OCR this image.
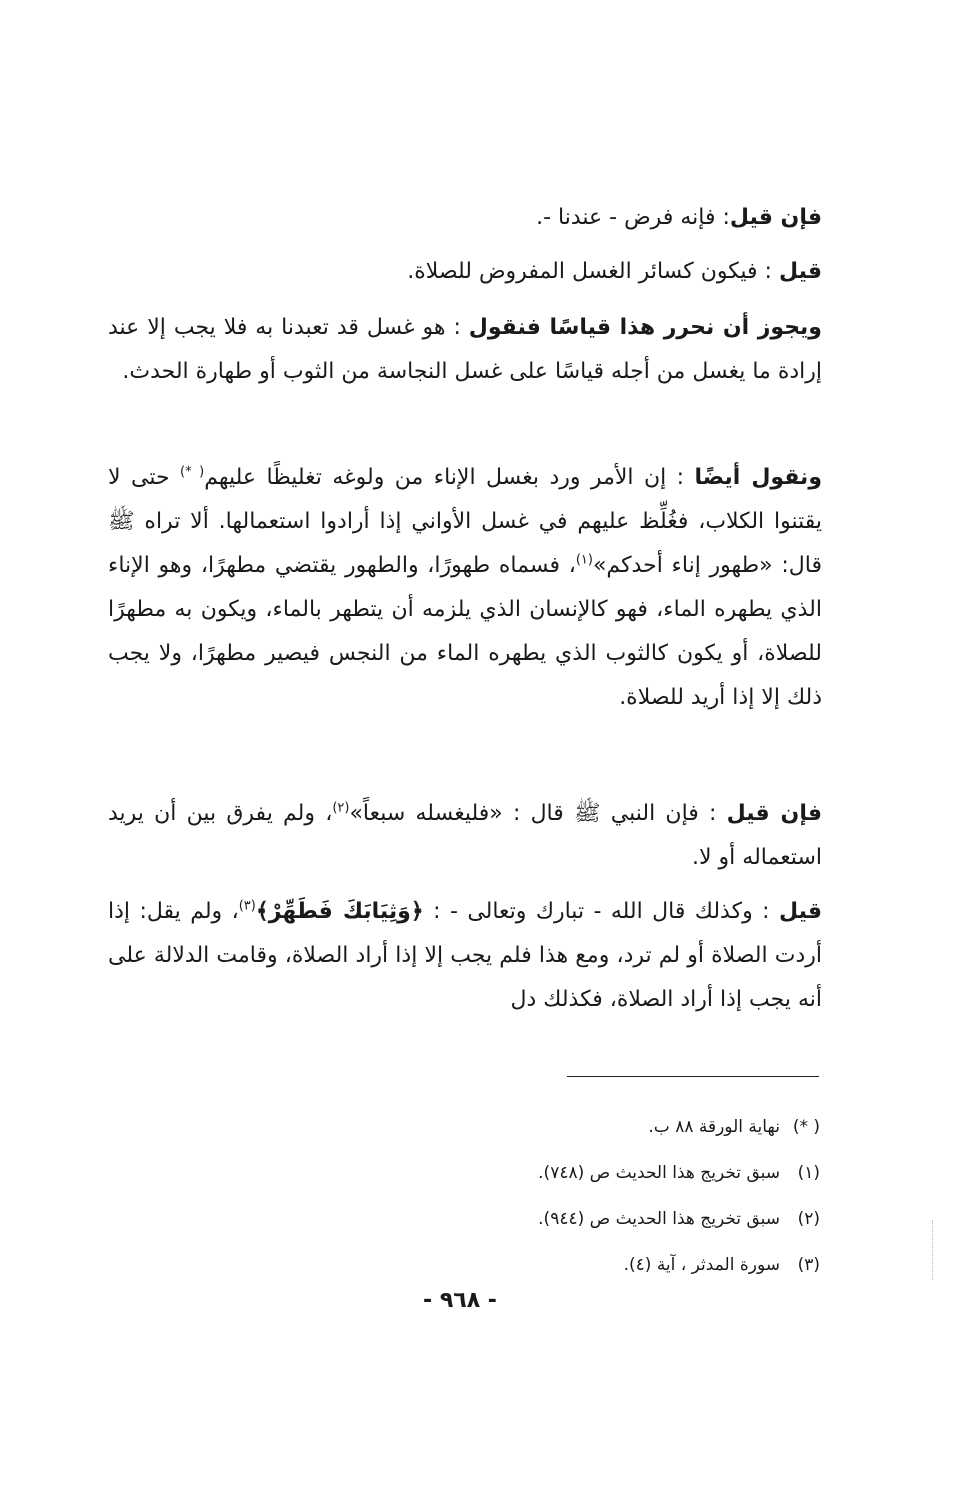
فإن قيل: فإنه فرض - عندنا -.

قيل : فيكون كسائر الغسل المفروض للصلاة.

ويجوز أن نحرر هذا قياسًا فنقول : هو غسل قد تعبدنا به فلا يجب إلا عند إرادة ما يغسل من أجله قياسًا على غسل النجاسة من الثوب أو طهارة الحدث.

ونقول أيضًا : إن الأمر ورد بغسل الإناء من ولوغه تغليظًا عليهم( *) حتى لا يقتنوا الكلاب، فغُلِّظ عليهم في غسل الأواني إذا أرادوا استعمالها. ألا تراه ﷺ قال: «طهور إناء أحدكم»$^{(١)}$، فسماه طهورًا، والطهور يقتضي مطهرًا، وهو الإناء الذي يطهره الماء، فهو كالإنسان الذي يلزمه أن يتطهر بالماء، ويكون به مطهرًا للصلاة، أو يكون كالثوب الذي يطهره الماء من النجس فيصير مطهرًا، ولا يجب ذلك إلا إذا أريد للصلاة.

فإن قيل : فإن النبي ﷺ قال : «فليغسله سبعاً»$^{(٢)}$، ولم يفرق بين أن يريد استعماله أو لا.

قيل : وكذلك قال الله - تبارك وتعالى - : ﴿وَثِيَابَكَ فَطَهِّرْ﴾$^{(٣)}$، ولم يقل: إذا أردت الصلاة أو لم ترد، ومع هذا فلم يجب إلا إذا أراد الصلاة، وقامت الدلالة على أنه يجب إذا أراد الصلاة، فكذلك دل

( *)نهاية الورقة ٨٨ ب.
(١)سبق تخريج هذا الحديث ص (٧٤٨).
(٢)سبق تخريج هذا الحديث ص (٩٤٤).
(٣)سورة المدثر ، آية (٤).
- ٩٦٨ -
